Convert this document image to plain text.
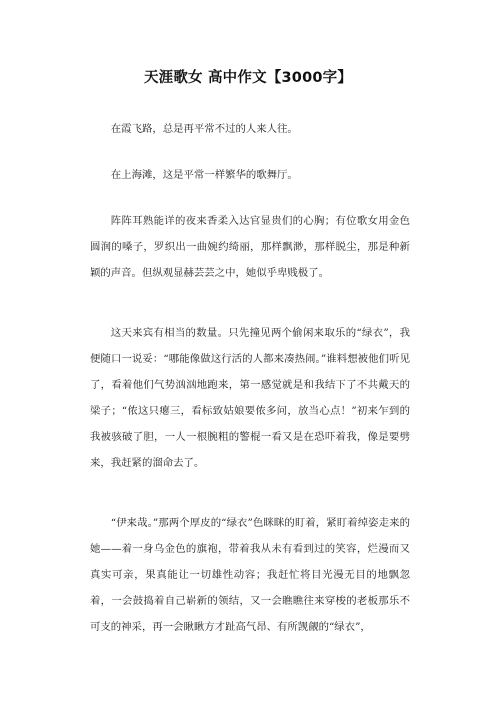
天涯歌女 高中作文【3000字】

在霞飞路，总是再平常不过的人来人往。

在上海滩，这是平常一样繁华的歌舞厅。

阵阵耳熟能详的夜来香柔入达官显贵们的心胸；有位歌女用金色圆润的嗓子，罗织出一曲婉约绮丽，那样飘渺，那样脱尘，那是种新颖的声音。但纵观显赫芸芸之中，她似乎卑贱极了。

这天来宾有相当的数量。只先撞见两个偷闲来取乐的“绿衣”，我便随口一说妥：“哪能像做这行活的人都来凑热闹。”谁料想被他们听见了，看着他们气势汹汹地跑来，第一感觉就是和我结下了不共戴天的梁子；“侬这只瘪三，看标致姑娘要侬多问，放当心点！”初来乍到的我被骇破了胆，一人一根腕粗的警棍一看又是在恐吓着我，像是要劈来，我赶紧的溜命去了。

“伊来哉。”那两个厚皮的“绿衣”色眯眯的盯着，紧盯着绰姿走来的她——着一身乌金色的旗袍，带着我从未有看到过的笑容，烂漫而又真实可亲，果真能让一切雄性动容；我赶忙将目光漫无目的地飘忽着，一会鼓捣着自己崭新的领结，又一会瞧瞧往来穿梭的老板那乐不可支的神采，再一会瞅瞅方才趾高气昂、有所觊觎的“绿衣”，
